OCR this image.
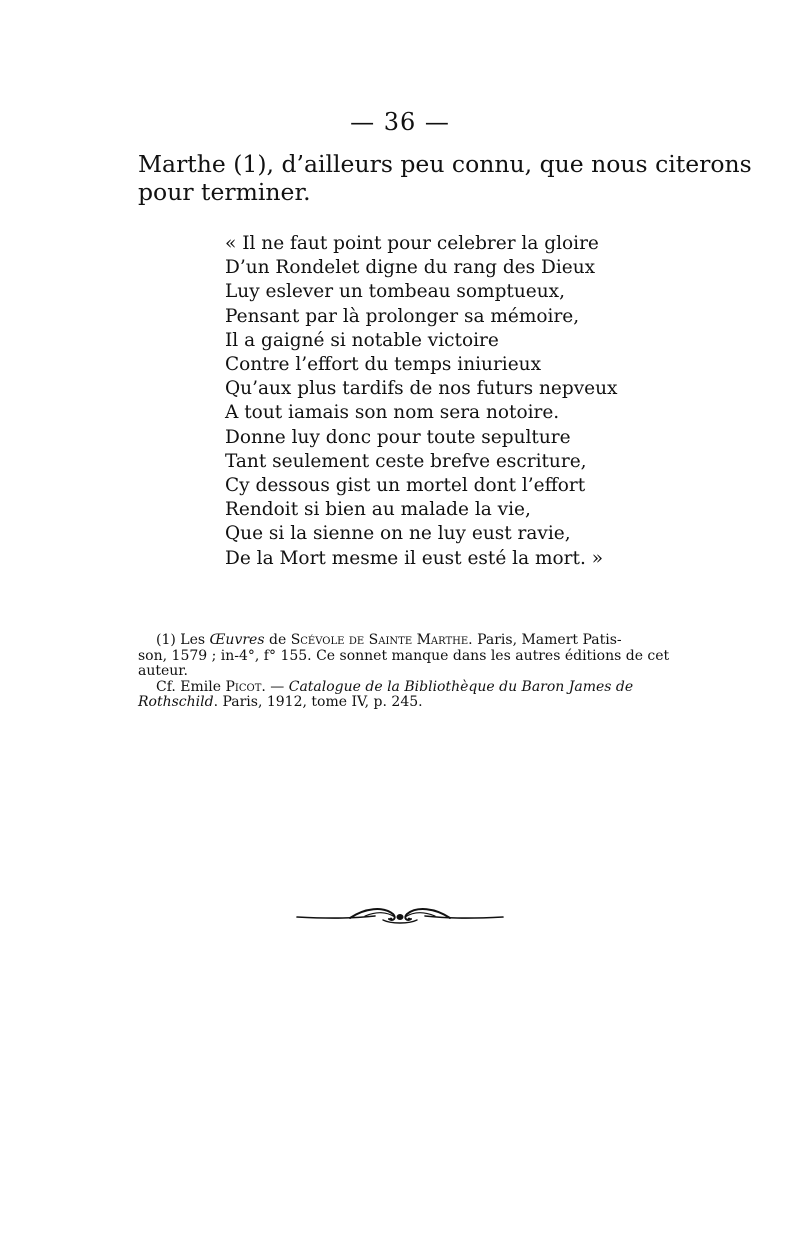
— 36 —
Marthe (1), d’ailleurs peu connu, que nous citerons
pour terminer.
« Il ne faut point pour celebrer la gloire
D’un Rondelet digne du rang des Dieux
Luy eslever un tombeau somptueux,
Pensant par là prolonger sa mémoire,
Il a gaigné si notable victoire
Contre l’effort du temps iniurieux
Qu’aux plus tardifs de nos futurs nepveux
A tout iamais son nom sera notoire.
Donne luy donc pour toute sepulture
Tant seulement ceste brefve escriture,
Cy dessous gist un mortel dont l’effort
Rendoit si bien au malade la vie,
Que si la sienne on ne luy eust ravie,
De la Mort mesme il eust esté la mort. »
(1) Les Œuvres de Scévole de Sainte Marthe. Paris, Mamert Patis-
son, 1579 ; in-4°, f° 155. Ce sonnet manque dans les autres éditions de cet
auteur.
Cf. Emile Picot. — Catalogue de la Bibliothèque du Baron James de
Rothschild. Paris, 1912, tome IV, p. 245.
